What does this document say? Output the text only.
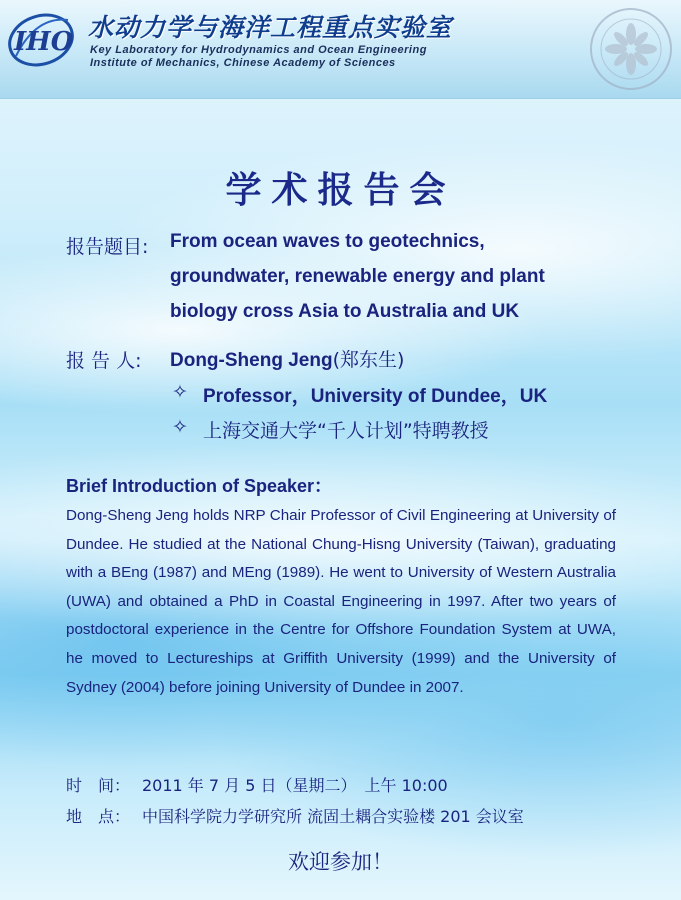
IHO 水动力学与海洋工程重点实验室
Key Laboratory for Hydrodynamics and Ocean Engineering
Institute of Mechanics, Chinese Academy of Sciences
学术报告会
报告题目: From ocean waves to geotechnics,
groundwater, renewable energy and plant
biology cross Asia to Australia and UK
报 告 人: Dong-Sheng Jeng(郑东生)
✧ Professor，University of Dundee，UK
✧ 上海交通大学“千人计划”特聘教授
Brief Introduction of Speaker：
Dong-Sheng Jeng holds NRP Chair Professor of Civil Engineering at University of Dundee. He studied at the National Chung-Hisng University (Taiwan), graduating with a BEng (1987) and MEng (1989). He went to University of Western Australia (UWA) and obtained a PhD in Coastal Engineering in 1997. After two years of postdoctoral experience in the Centre for Offshore Foundation System at UWA, he moved to Lectureships at Griffith University (1999) and the University of Sydney (2004) before joining University of Dundee in 2007.
时　间： 2011 年 7 月 5 日（星期二）　上午 10:00
地　点： 中国科学院力学研究所 流固土耦合实验楼 201 会议室
欢迎参加！
